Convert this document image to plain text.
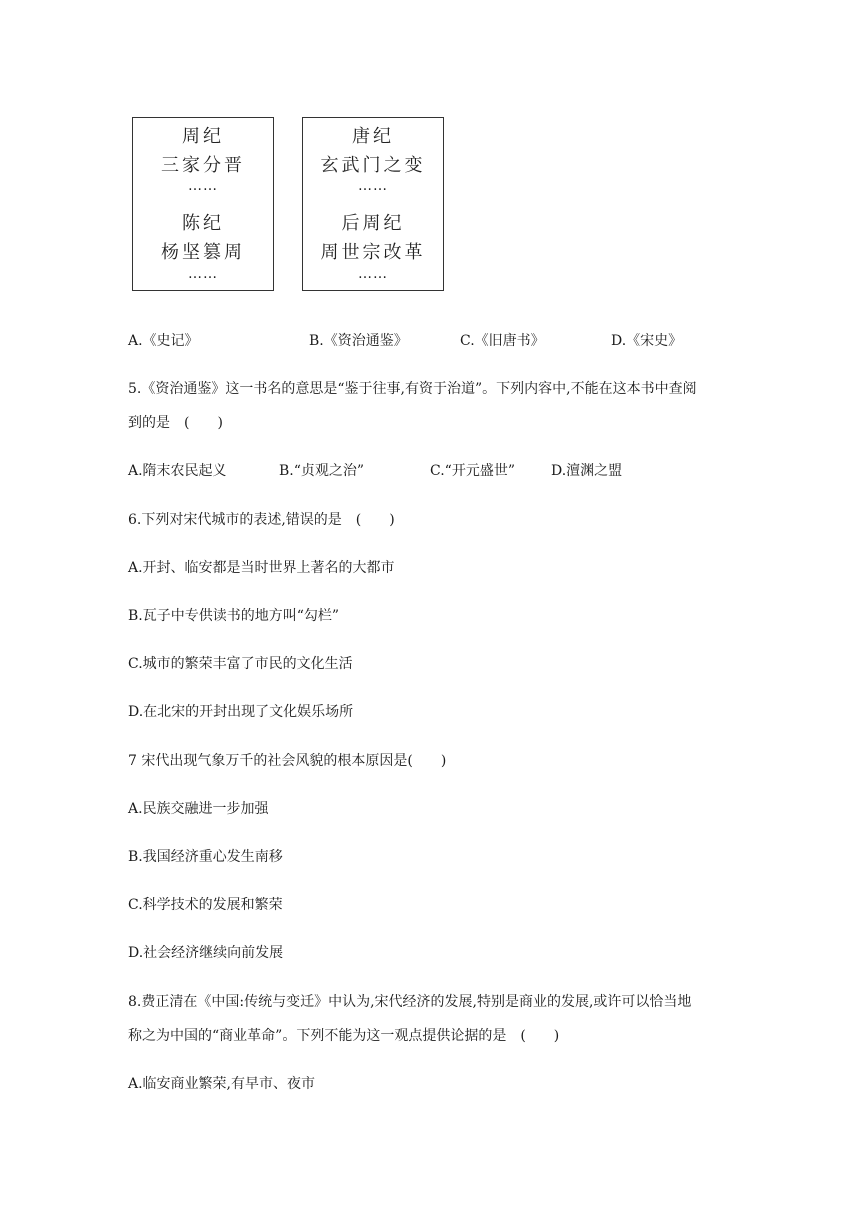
周纪
三家分晋
……
陈纪
杨坚篡周
……
唐纪
玄武门之变
……
后周纪
周世宗改革
……
A.《史记》	B.《资治通鉴》	C.《旧唐书》	D.《宋史》
5.《资治通鉴》这一书名的意思是“鉴于往事,有资于治道”。下列内容中,不能在这本书中查阅
到的是　(　　)
A.隋末农民起义	B.“贞观之治”	C.“开元盛世”	D.澶渊之盟
6.下列对宋代城市的表述,错误的是　(　　)
A.开封、临安都是当时世界上著名的大都市
B.瓦子中专供读书的地方叫“勾栏”
C.城市的繁荣丰富了市民的文化生活
D.在北宋的开封出现了文化娱乐场所
7 宋代出现气象万千的社会风貌的根本原因是(　　)
A.民族交融进一步加强
B.我国经济重心发生南移
C.科学技术的发展和繁荣
D.社会经济继续向前发展
8.费正清在《中国:传统与变迁》中认为,宋代经济的发展,特别是商业的发展,或许可以恰当地
称之为中国的“商业革命”。下列不能为这一观点提供论据的是　(　　)
A.临安商业繁荣,有早市、夜市
